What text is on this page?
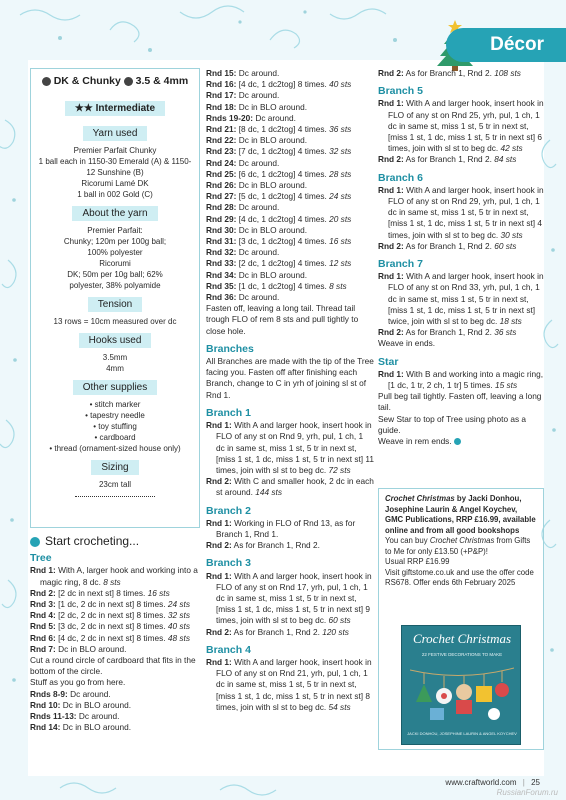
Décor
DK & Chunky 3.5 & 4mm
★★ Intermediate
Yarn used

Premier Parfait Chunky

1 ball each in 1150-30 Emerald (A) & 1150-12 Sunshine (B)

Ricorumi Lamé DK

1 ball in 002 Gold (C)

About the yarn

Premier Parfait:

Chunky; 120m per 100g ball;

100% polyester

Ricorumi

DK; 50m per 10g ball; 62%

polyester, 38% polyamide

Tension

13 rows = 10cm measured over dc

Hooks used

3.5mm

4mm

Other supplies

• stitch marker

• tapestry needle

• toy stuffing

• cardboard

• thread (ornament-sized house only)

Sizing

23cm tall

Start crocheting...
Tree
Rnd 1: With A, larger hook and working into a magic ring, 8 dc. 8 sts
Rnd 2: [2 dc in next st] 8 times. 16 sts
Rnd 3: [1 dc, 2 dc in next st] 8 times. 24 sts
Rnd 4: [2 dc, 2 dc in next st] 8 times. 32 sts
Rnd 5: [3 dc, 2 dc in next st] 8 times. 40 sts
Rnd 6: [4 dc, 2 dc in next st] 8 times. 48 sts
Rnd 7: Dc in BLO around.
Cut a round circle of cardboard that fits in the bottom of the circle.
Stuff as you go from here.
Rnds 8-9: Dc around.
Rnd 10: Dc in BLO around.
Rnds 11-13: Dc around.
Rnd 14: Dc in BLO around.
Rnd 15: Dc around.
Rnd 16: [4 dc, 1 dc2tog] 8 times. 40 sts
Rnd 17: Dc around.
Rnd 18: Dc in BLO around.
Rnds 19-20: Dc around.
Rnd 21: [8 dc, 1 dc2tog] 4 times. 36 sts
Rnd 22: Dc in BLO around.
Rnd 23: [7 dc, 1 dc2tog] 4 times. 32 sts
Rnd 24: Dc around.
Rnd 25: [6 dc, 1 dc2tog] 4 times. 28 sts
Rnd 26: Dc in BLO around.
Rnd 27: [5 dc, 1 dc2tog] 4 times. 24 sts
Rnd 28: Dc around.
Rnd 29: [4 dc, 1 dc2tog] 4 times. 20 sts
Rnd 30: Dc in BLO around.
Rnd 31: [3 dc, 1 dc2tog] 4 times. 16 sts
Rnd 32: Dc around.
Rnd 33: [2 dc, 1 dc2tog] 4 times. 12 sts
Rnd 34: Dc in BLO around.
Rnd 35: [1 dc, 1 dc2tog] 4 times. 8 sts
Rnd 36: Dc around.
Fasten off, leaving a long tail. Thread tail trough FLO of rem 8 sts and pull tightly to close hole.
Branches
All Branches are made with the tip of the Tree facing you. Fasten off after finishing each Branch, change to C in yrh of joining sl st of Rnd 1.
Branch 1
Rnd 1: With A and larger hook, insert hook in FLO of any st on Rnd 9, yrh, pul, 1 ch, 1 dc in same st, miss 1 st, 5 tr in next st, [miss 1 st, 1 dc, miss 1 st, 5 tr in next st] 11 times, join with sl st to beg dc. 72 sts
Rnd 2: With C and smaller hook, 2 dc in each st around. 144 sts
Branch 2
Rnd 1: Working in FLO of Rnd 13, as for Branch 1, Rnd 1.
Rnd 2: As for Branch 1, Rnd 2.
Branch 3
Rnd 1: With A and larger hook, insert hook in FLO of any st on Rnd 17, yrh, pul, 1 ch, 1 dc in same st, miss 1 st, 5 tr in next st, [miss 1 st, 1 dc, miss 1 st, 5 tr in next st] 9 times, join with sl st to beg dc. 60 sts
Rnd 2: As for Branch 1, Rnd 2. 120 sts
Branch 4
Rnd 1: With A and larger hook, insert hook in FLO of any st on Rnd 21, yrh, pul, 1 ch, 1 dc in same st, miss 1 st, 5 tr in next st, [miss 1 st, 1 dc, miss 1 st, 5 tr in next st] 8 times, join with sl st to beg dc. 54 sts
Rnd 2: As for Branch 1, Rnd 2. 108 sts
Branch 5
Rnd 1: With A and larger hook, insert hook in FLO of any st on Rnd 25, yrh, pul, 1 ch, 1 dc in same st, miss 1 st, 5 tr in next st, [miss 1 st, 1 dc, miss 1 st, 5 tr in next st] 6 times, join with sl st to beg dc. 42 sts
Rnd 2: As for Branch 1, Rnd 2. 84 sts
Branch 6
Rnd 1: With A and larger hook, insert hook in FLO of any st on Rnd 29, yrh, pul, 1 ch, 1 dc in same st, miss 1 st, 5 tr in next st, [miss 1 st, 1 dc, miss 1 st, 5 tr in next st] 4 times, join with sl st to beg dc. 30 sts
Rnd 2: As for Branch 1, Rnd 2. 60 sts
Branch 7
Rnd 1: With A and larger hook, insert hook in FLO of any st on Rnd 33, yrh, pul, 1 ch, 1 dc in same st, miss 1 st, 5 tr in next st, [miss 1 st, 1 dc, miss 1 st, 5 tr in next st] twice, join with sl st to beg dc. 18 sts
Rnd 2: As for Branch 1, Rnd 2. 36 sts
Weave in ends.
Star
Rnd 1: With B and working into a magic ring, [1 dc, 1 tr, 2 ch, 1 tr] 5 times. 15 sts
Pull beg tail tightly. Fasten off, leaving a long tail.
Sew Star to top of Tree using photo as a guide.
Weave in rem ends.
Crochet Christmas by Jacki Donhou, Josephine Laurin & Angel Koychev, GMC Publications, RRP £16.99, available online and from all good bookshops
You can buy Crochet Christmas from Gifts to Me for only £13.50 (+P&P)!
Usual RRP £16.99
Visit giftstome.co.uk and use the offer code RS678. Offer ends 6th February 2025
Crochet Christmas
22 FESTIVE DECORATIONS TO MAKE
JACKI DONHOU, JOSEPHINE LAURIN & ANGEL KOYCHEV
www.craftworld.com | 25
RussianForum.ru
